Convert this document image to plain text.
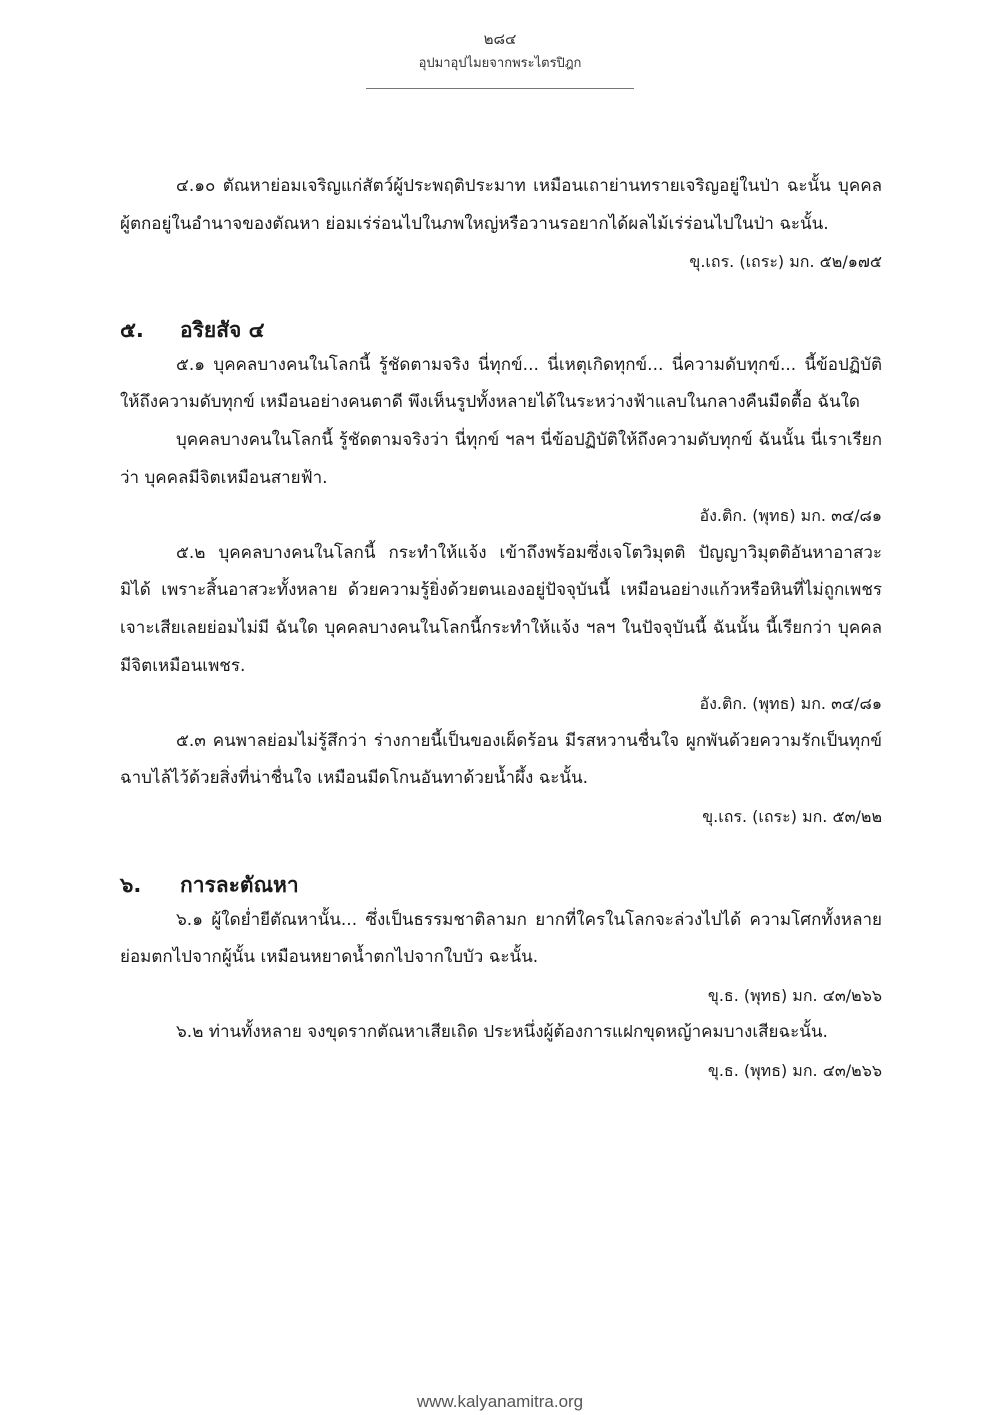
๒๘๔
อุปมาอุปไมยจากพระไตรปิฎก

๔.๑๐ ตัณหาย่อมเจริญแก่สัตว์ผู้ประพฤติประมาท เหมือนเถาย่านทรายเจริญอยู่ในป่า ฉะนั้น บุคคลผู้ตกอยู่ในอำนาจของตัณหา ย่อมเร่ร่อนไปในภพใหญ่หรือวานรอยากได้ผลไม้เร่ร่อนไปในป่า ฉะนั้น.

ขุ.เถร. (เถระ) มก. ๕๒/๑๗๕

๕.	อริยสัจ ๔

๕.๑ บุคคลบางคนในโลกนี้ รู้ชัดตามจริง นี่ทุกข์... นี่เหตุเกิดทุกข์... นี่ความดับทุกข์... นี้ข้อปฏิบัติให้ถึงความดับทุกข์ เหมือนอย่างคนตาดี พึงเห็นรูปทั้งหลายได้ในระหว่างฟ้าแลบในกลางคืนมืดตื้อ ฉันใด

บุคคลบางคนในโลกนี้ รู้ชัดตามจริงว่า นี่ทุกข์ ฯลฯ นี่ข้อปฏิบัติให้ถึงความดับทุกข์ ฉันนั้น นี่เราเรียกว่า บุคคลมีจิตเหมือนสายฟ้า.

อัง.ติก. (พุทธ) มก. ๓๔/๘๑

๕.๒ บุคคลบางคนในโลกนี้ กระทำให้แจ้ง เข้าถึงพร้อมซึ่งเจโตวิมุตติ ปัญญาวิมุตติอันหาอาสวะมิได้ เพราะสิ้นอาสวะทั้งหลาย ด้วยความรู้ยิ่งด้วยตนเองอยู่ปัจจุบันนี้ เหมือนอย่างแก้วหรือหินที่ไม่ถูกเพชรเจาะเสียเลยย่อมไม่มี ฉันใด บุคคลบางคนในโลกนี้กระทำให้แจ้ง ฯลฯ ในปัจจุบันนี้ ฉันนั้น นี้เรียกว่า บุคคลมีจิตเหมือนเพชร.

อัง.ติก. (พุทธ) มก. ๓๔/๘๑

๕.๓ คนพาลย่อมไม่รู้สึกว่า ร่างกายนี้เป็นของเผ็ดร้อน มีรสหวานชื่นใจ ผูกพันด้วยความรักเป็นทุกข์ ฉาบไล้ไว้ด้วยสิ่งที่น่าชื่นใจ เหมือนมีดโกนอันทาด้วยน้ำผึ้ง ฉะนั้น.

ขุ.เถร. (เถระ) มก. ๕๓/๒๒

๖.	การละตัณหา

๖.๑ ผู้ใดย่ำยีตัณหานั้น... ซึ่งเป็นธรรมชาติลามก ยากที่ใครในโลกจะล่วงไปได้ ความโศกทั้งหลายย่อมตกไปจากผู้นั้น เหมือนหยาดน้ำตกไปจากใบบัว ฉะนั้น.

ขุ.ธ. (พุทธ) มก. ๔๓/๒๖๖

๖.๒ ท่านทั้งหลาย จงขุดรากตัณหาเสียเถิด ประหนึ่งผู้ต้องการแฝกขุดหญ้าคมบางเสียฉะนั้น.

ขุ.ธ. (พุทธ) มก. ๔๓/๒๖๖

www.kalyanamitra.org
